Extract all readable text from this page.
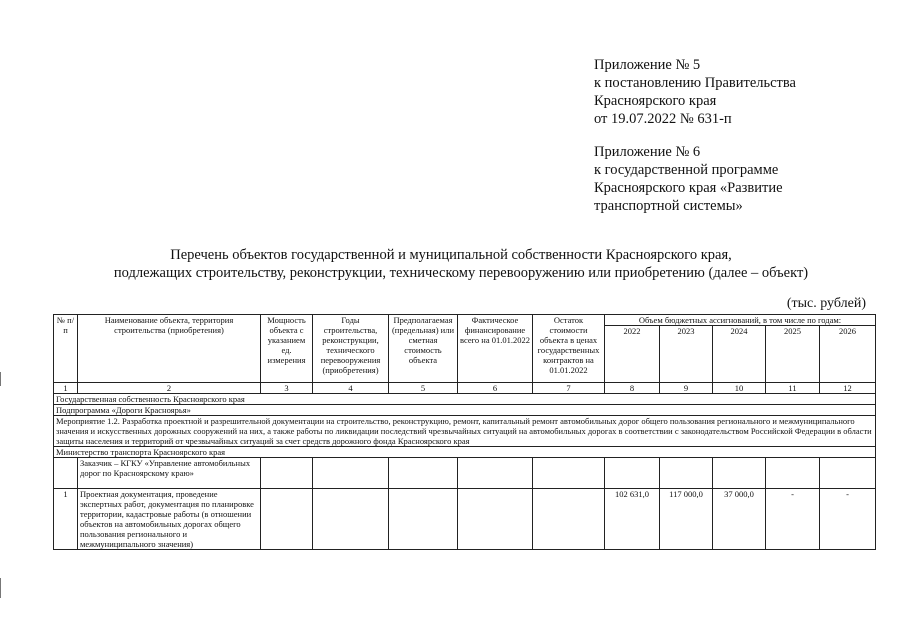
Приложение № 5
к постановлению Правительства
Красноярского края
от 19.07.2022 № 631-п
Приложение № 6
к государственной программе
Красноярского края «Развитие
транспортной системы»
Перечень объектов государственной и муниципальной собственности Красноярского края,
подлежащих строительству, реконструкции, техническому перевооружению или приобретению (далее – объект)
(тыс. рублей)
№ п/п	Наименование объекта, территория строительства (приобретения)	Мощность объекта с указанием ед. измерения	Годы строительства, реконструкции, технического перевооружения (приобретения)	Предполагаемая (предельная) или сметная стоимость объекта	Фактическое финансирование всего на 01.01.2022	Остаток стоимости объекта в ценах государственных контрактов на 01.01.2022	Объем бюджетных ассигнований, в том числе по годам:				
							2022	2023	2024	2025	2026
1	2	3	4	5	6	7	8	9	10	11	12
Государственная собственность Красноярского края											
Подпрограмма «Дороги Красноярья»											
Мероприятие 1.2. Разработка проектной и разрешительной документации на строительство, реконструкцию, ремонт, капитальный ремонт автомобильных дорог общего пользования регионального и межмуниципального значения и искусственных дорожных сооружений на них, а также работы по ликвидации последствий чрезвычайных ситуаций на автомобильных дорогах в соответствии с законодательством Российской Федерации в области защиты населения и территорий от чрезвычайных ситуаций за счет средств дорожного фонда Красноярского края											
Министерство транспорта Красноярского края											
	Заказчик – КГКУ «Управление автомобильных дорог по Красноярскому краю»										
1	Проектная документация, проведение экспертных работ, документация по планировке территории, кадастровые работы (в отношении объектов на автомобильных дорогах общего пользования регионального и межмуниципального значения)						102 631,0	117 000,0	37 000,0	-	-
